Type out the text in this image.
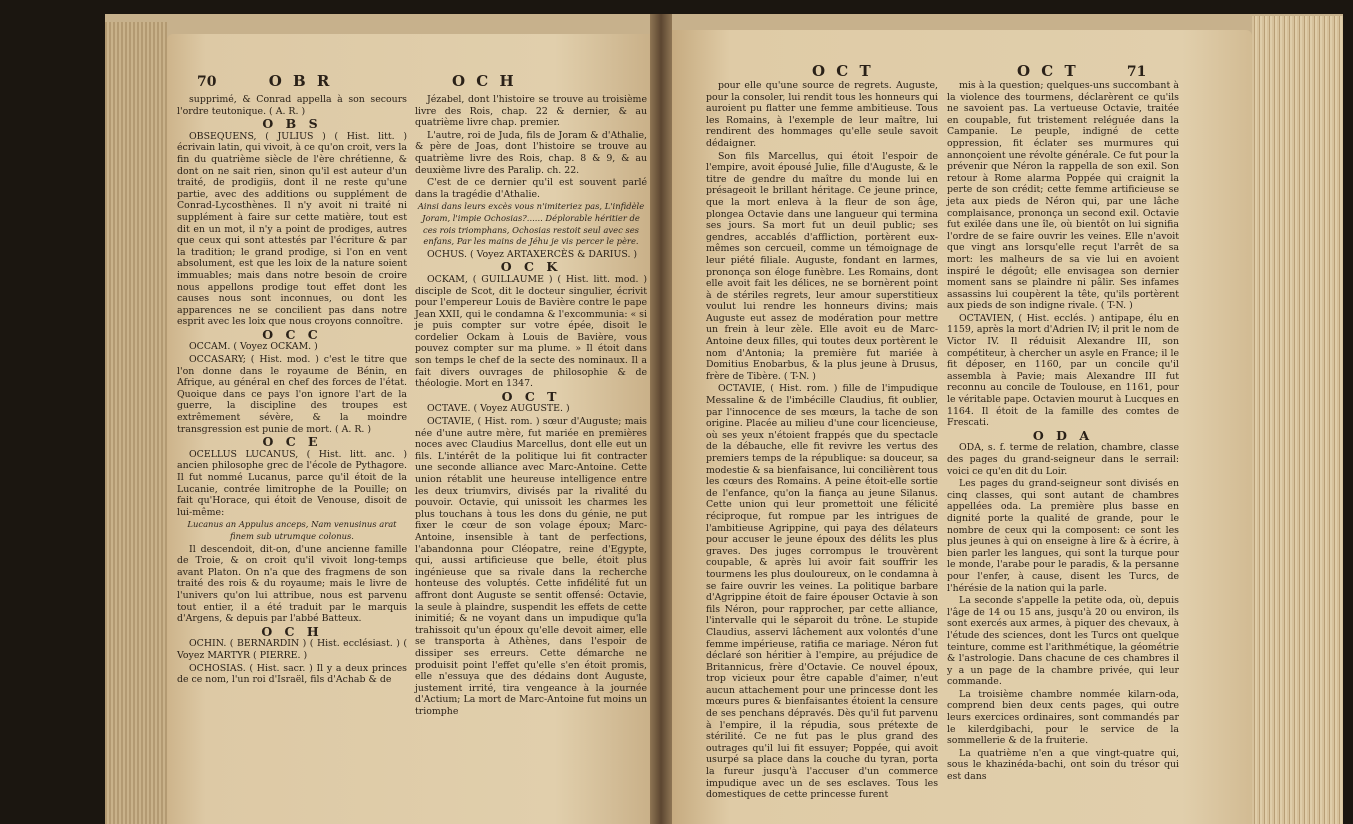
70	O B R	O C H

supprimé, & Conrad appella à son secours l'ordre teutonique. ( A. R. )

O B S

OBSEQUENS, ( JULIUS ) ( Hist. litt. ) écrivain latin, qui vivoit, à ce qu'on croit, vers la fin du quatrième siècle de l'ère chrétienne, & dont on ne sait rien, sinon qu'il est auteur d'un traité, de prodigiis, dont il ne reste qu'une partie, avec des additions ou supplément de Conrad-Lycosthènes. Il n'y avoit ni traité ni supplément à faire sur cette matière, tout est dit en un mot, il n'y a point de prodiges, autres que ceux qui sont attestés par l'écriture & par la tradition; le grand prodige, si l'on en vent absolument, est que les loix de la nature soient immuables; mais dans notre besoin de croire nous appellons prodige tout effet dont les causes nous sont inconnues, ou dont les apparences ne se concilient pas dans notre esprit avec les loix que nous croyons connoître.

O C C

OCCAM. ( Voyez OCKAM. )

OCCASARY; ( Hist. mod. ) c'est le titre que l'on donne dans le royaume de Bénin, en Afrique, au général en chef des forces de l'état. Quoique dans ce pays l'on ignore l'art de la guerre, la discipline des troupes est extrêmement sévère, & la moindre transgression est punie de mort. ( A. R. )

O C E

OCELLUS LUCANUS, ( Hist. litt. anc. ) ancien philosophe grec de l'école de Pythagore. Il fut nommé Lucanus, parce qu'il étoit de la Lucanie, contrée limitrophe de la Pouille; on fait qu'Horace, qui étoit de Venouse, disoit de lui-même:

Lucanus an Appulus anceps, Nam venusinus arat finem sub utrumque colonus.

Il descendoit, dit-on, d'une ancienne famille de Troie, & on croit qu'il vivoit long-temps avant Platon. On n'a que des fragmens de son traité des rois & du royaume; mais le livre de l'univers qu'on lui attribue, nous est parvenu tout entier, il a été traduit par le marquis d'Argens, & depuis par l'abbé Batteux.

O C H

OCHIN. ( BERNARDIN ) ( Hist. ecclésiast. ) ( Voyez MARTYR ( PIERRE. )

OCHOSIAS. ( Hist. sacr. ) Il y a deux princes de ce nom, l'un roi d'Israël, fils d'Achab & de

Jézabel, dont l'histoire se trouve au troisième livre des Rois, chap. 22 & dernier, & au quatrième livre chap. premier.

L'autre, roi de Juda, fils de Joram & d'Athalie, & père de Joas, dont l'histoire se trouve au quatrième livre des Rois, chap. 8 & 9, & au deuxième livre des Paralip. ch. 22.

C'est de ce dernier qu'il est souvent parlé dans la tragédie d'Athalie.

Ainsi dans leurs excès vous n'imiteriez pas, L'infidèle Joram, l'impie Ochosias?...... Déplorable héritier de ces rois triomphans, Ochosias restoit seul avec ses enfans, Par les mains de Jéhu je vis percer le père.

OCHUS. ( Voyez ARTAXERCÈS & DARIUS. )

O C K

OCKAM, ( GUILLAUME ) ( Hist. litt. mod. ) disciple de Scot, dit le docteur singulier, écrivit pour l'empereur Louis de Bavière contre le pape Jean XXII, qui le condamna & l'excommunia: « si je puis compter sur votre épée, disoit le cordelier Ockam à Louis de Bavière, vous pouvez compter sur ma plume. » Il étoit dans son temps le chef de la secte des nominaux. Il a fait divers ouvrages de philosophie & de théologie. Mort en 1347.

O C T

OCTAVE. ( Voyez AUGUSTE. )

OCTAVIE, ( Hist. rom. ) sœur d'Auguste; mais née d'une autre mère, fut mariée en premières noces avec Claudius Marcellus, dont elle eut un fils. L'intérêt de la politique lui fit contracter une seconde alliance avec Marc-Antoine. Cette union rétablit une heureuse intelligence entre les deux triumvirs, divisés par la rivalité du pouvoir. Octavie, qui unissoit les charmes les plus touchans à tous les dons du génie, ne put fixer le cœur de son volage époux; Marc-Antoine, insensible à tant de perfections, l'abandonna pour Cléopatre, reine d'Egypte, qui, aussi artificieuse que belle, étoit plus ingénieuse que sa rivale dans la recherche honteuse des voluptés. Cette infidélité fut un affront dont Auguste se sentit offensé: Octavie, la seule à plaindre, suspendit les effets de cette inimitié; & ne voyant dans un impudique qu'la trahissoit qu'un époux qu'elle devoit aimer, elle se transporta à Athènes, dans l'espoir de dissiper ses erreurs. Cette démarche ne produisit point l'effet qu'elle s'en étoit promis, elle n'essuya que des dédains dont Auguste, justement irrité, tira vengeance à la journée d'Actium; La mort de Marc-Antoine fut moins un triomphe

O C T	O C T	71

pour elle qu'une source de regrets. Auguste, pour la consoler, lui rendit tous les honneurs qui auroient pu flatter une femme ambitieuse. Tous les Romains, à l'exemple de leur maître, lui rendirent des hommages qu'elle seule savoit dédaigner.

Son fils Marcellus, qui étoit l'espoir de l'empire, avoit épousé Julie, fille d'Auguste, & le titre de gendre du maître du monde lui en présageoit le brillant héritage. Ce jeune prince, que la mort enleva à la fleur de son âge, plongea Octavie dans une langueur qui termina ses jours. Sa mort fut un deuil public; ses gendres, accablés d'affliction, portèrent eux-mêmes son cercueil, comme un témoignage de leur piété filiale. Auguste, fondant en larmes, prononça son éloge funèbre. Les Romains, dont elle avoit fait les délices, ne se bornèrent point à de stériles regrets, leur amour superstitieux voulut lui rendre les honneurs divins; mais Auguste eut assez de modération pour mettre un frein à leur zèle. Elle avoit eu de Marc-Antoine deux filles, qui toutes deux portèrent le nom d'Antonia; la première fut mariée à Domitius Enobarbus, & la plus jeune à Drusus, frère de Tibère. ( T-N. )

OCTAVIE, ( Hist. rom. ) fille de l'impudique Messaline & de l'imbécille Claudius, fit oublier, par l'innocence de ses mœurs, la tache de son origine. Placée au milieu d'une cour licencieuse, où ses yeux n'étoient frappés que du spectacle de la débauche, elle fit revivre les vertus des premiers temps de la république: sa douceur, sa modestie & sa bienfaisance, lui concilièrent tous les cœurs des Romains. A peine étoit-elle sortie de l'enfance, qu'on la fiança au jeune Silanus. Cette union qui leur promettoit une félicité réciproque, fut rompue par les intrigues de l'ambitieuse Agrippine, qui paya des délateurs pour accuser le jeune époux des délits les plus graves. Des juges corrompus le trouvèrent coupable, & après lui avoir fait souffrir les tourmens les plus douloureux, on le condamna à se faire ouvrir les veines. La politique barbare d'Agrippine étoit de faire épouser Octavie à son fils Néron, pour rapprocher, par cette alliance, l'intervalle qui le séparoit du trône. Le stupide Claudius, asservi lâchement aux volontés d'une femme impérieuse, ratifia ce mariage. Néron fut déclaré son héritier à l'empire, au préjudice de Britannicus, frère d'Octavie. Ce nouvel époux, trop vicieux pour être capable d'aimer, n'eut aucun attachement pour une princesse dont les mœurs pures & bienfaisantes étoient la censure de ses penchans dépravés. Dès qu'il fut parvenu à l'empire, il la répudia, sous prétexte de stérilité. Ce ne fut pas le plus grand des outrages qu'il lui fit essuyer; Poppée, qui avoit usurpé sa place dans la couche du tyran, porta la fureur jusqu'à l'accuser d'un commerce impudique avec un de ses esclaves. Tous les domestiques de cette princesse furent

mis à la question; quelques-uns succombant à la violence des tourmens, déclarèrent ce qu'ils ne savoient pas. La vertueuse Octavie, traitée en coupable, fut tristement reléguée dans la Campanie. Le peuple, indigné de cette oppression, fit éclater ses murmures qui annonçoient une révolte générale. Ce fut pour la prévenir que Néron la rappella de son exil. Son retour à Rome alarma Poppée qui craignit la perte de son crédit; cette femme artificieuse se jeta aux pieds de Néron qui, par une lâche complaisance, prononça un second exil. Octavie fut exilée dans une île, où bientôt on lui signifia l'ordre de se faire ouvrir les veines. Elle n'avoit que vingt ans lorsqu'elle reçut l'arrêt de sa mort: les malheurs de sa vie lui en avoient inspiré le dégoût; elle envisagea son dernier moment sans se plaindre ni pâlir. Ses infames assassins lui coupèrent la tête, qu'ils portèrent aux pieds de son indigne rivale. ( T-N. )

OCTAVIEN, ( Hist. ecclés. ) antipape, élu en 1159, après la mort d'Adrien IV; il prit le nom de Victor IV. Il réduisit Alexandre III, son compétiteur, à chercher un asyle en France; il le fit déposer, en 1160, par un concile qu'il assembla à Pavie; mais Alexandre III fut reconnu au concile de Toulouse, en 1161, pour le véritable pape. Octavien mourut à Lucques en 1164. Il étoit de la famille des comtes de Frescati.

O D A

ODA, s. f. terme de relation, chambre, classe des pages du grand-seigneur dans le serrail: voici ce qu'en dit du Loir.

Les pages du grand-seigneur sont divisés en cinq classes, qui sont autant de chambres appellées oda. La première plus basse en dignité porte la qualité de grande, pour le nombre de ceux qui la composent: ce sont les plus jeunes à qui on enseigne à lire & à écrire, à bien parler les langues, qui sont la turque pour le monde, l'arabe pour le paradis, & la persanne pour l'enfer, à cause, disent les Turcs, de l'hérésie de la nation qui la parle.

La seconde s'appelle la petite oda, où, depuis l'âge de 14 ou 15 ans, jusqu'à 20 ou environ, ils sont exercés aux armes, à piquer des chevaux, à l'étude des sciences, dont les Turcs ont quelque teinture, comme est l'arithmétique, la géométrie & l'astrologie. Dans chacune de ces chambres il y a un page de la chambre privée, qui leur commande.

La troisième chambre nommée kilarn-oda, comprend bien deux cents pages, qui outre leurs exercices ordinaires, sont commandés par le kilerdgibachi, pour le service de la sommellerie & de la fruiterie.

La quatrième n'en a que vingt-quatre qui, sous le khazinéda-bachi, ont soin du trésor qui est dans
